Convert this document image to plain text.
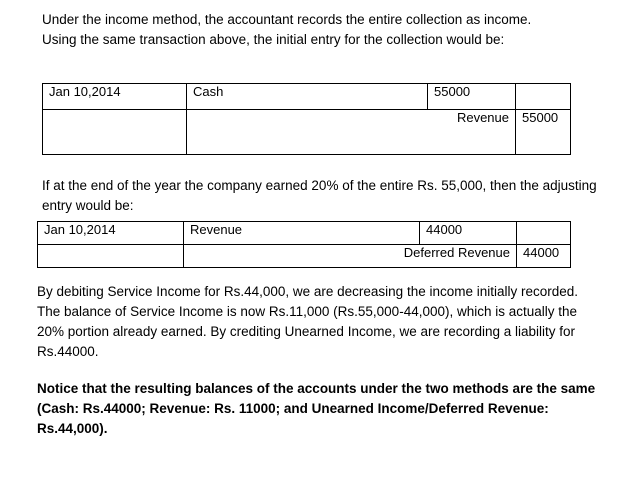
Under the income method, the accountant records the entire collection as income. Using the same transaction above, the initial entry for the collection would be:

Jan 10,2014	Cash	55000	
	Revenue		55000

If at the end of the year the company earned 20% of the entire Rs. 55,000, then the adjusting entry would be:

Jan 10,2014	Revenue	44000	
	Deferred Revenue		44000

By debiting Service Income for Rs.44,000, we are decreasing the income initially recorded. The balance of Service Income is now Rs.11,000 (Rs.55,000-44,000), which is actually the 20% portion already earned. By crediting Unearned Income, we are recording a liability for Rs.44000.

Notice that the resulting balances of the accounts under the two methods are the same (Cash: Rs.44000; Revenue: Rs. 11000; and Unearned Income/Deferred Revenue: Rs.44,000).
